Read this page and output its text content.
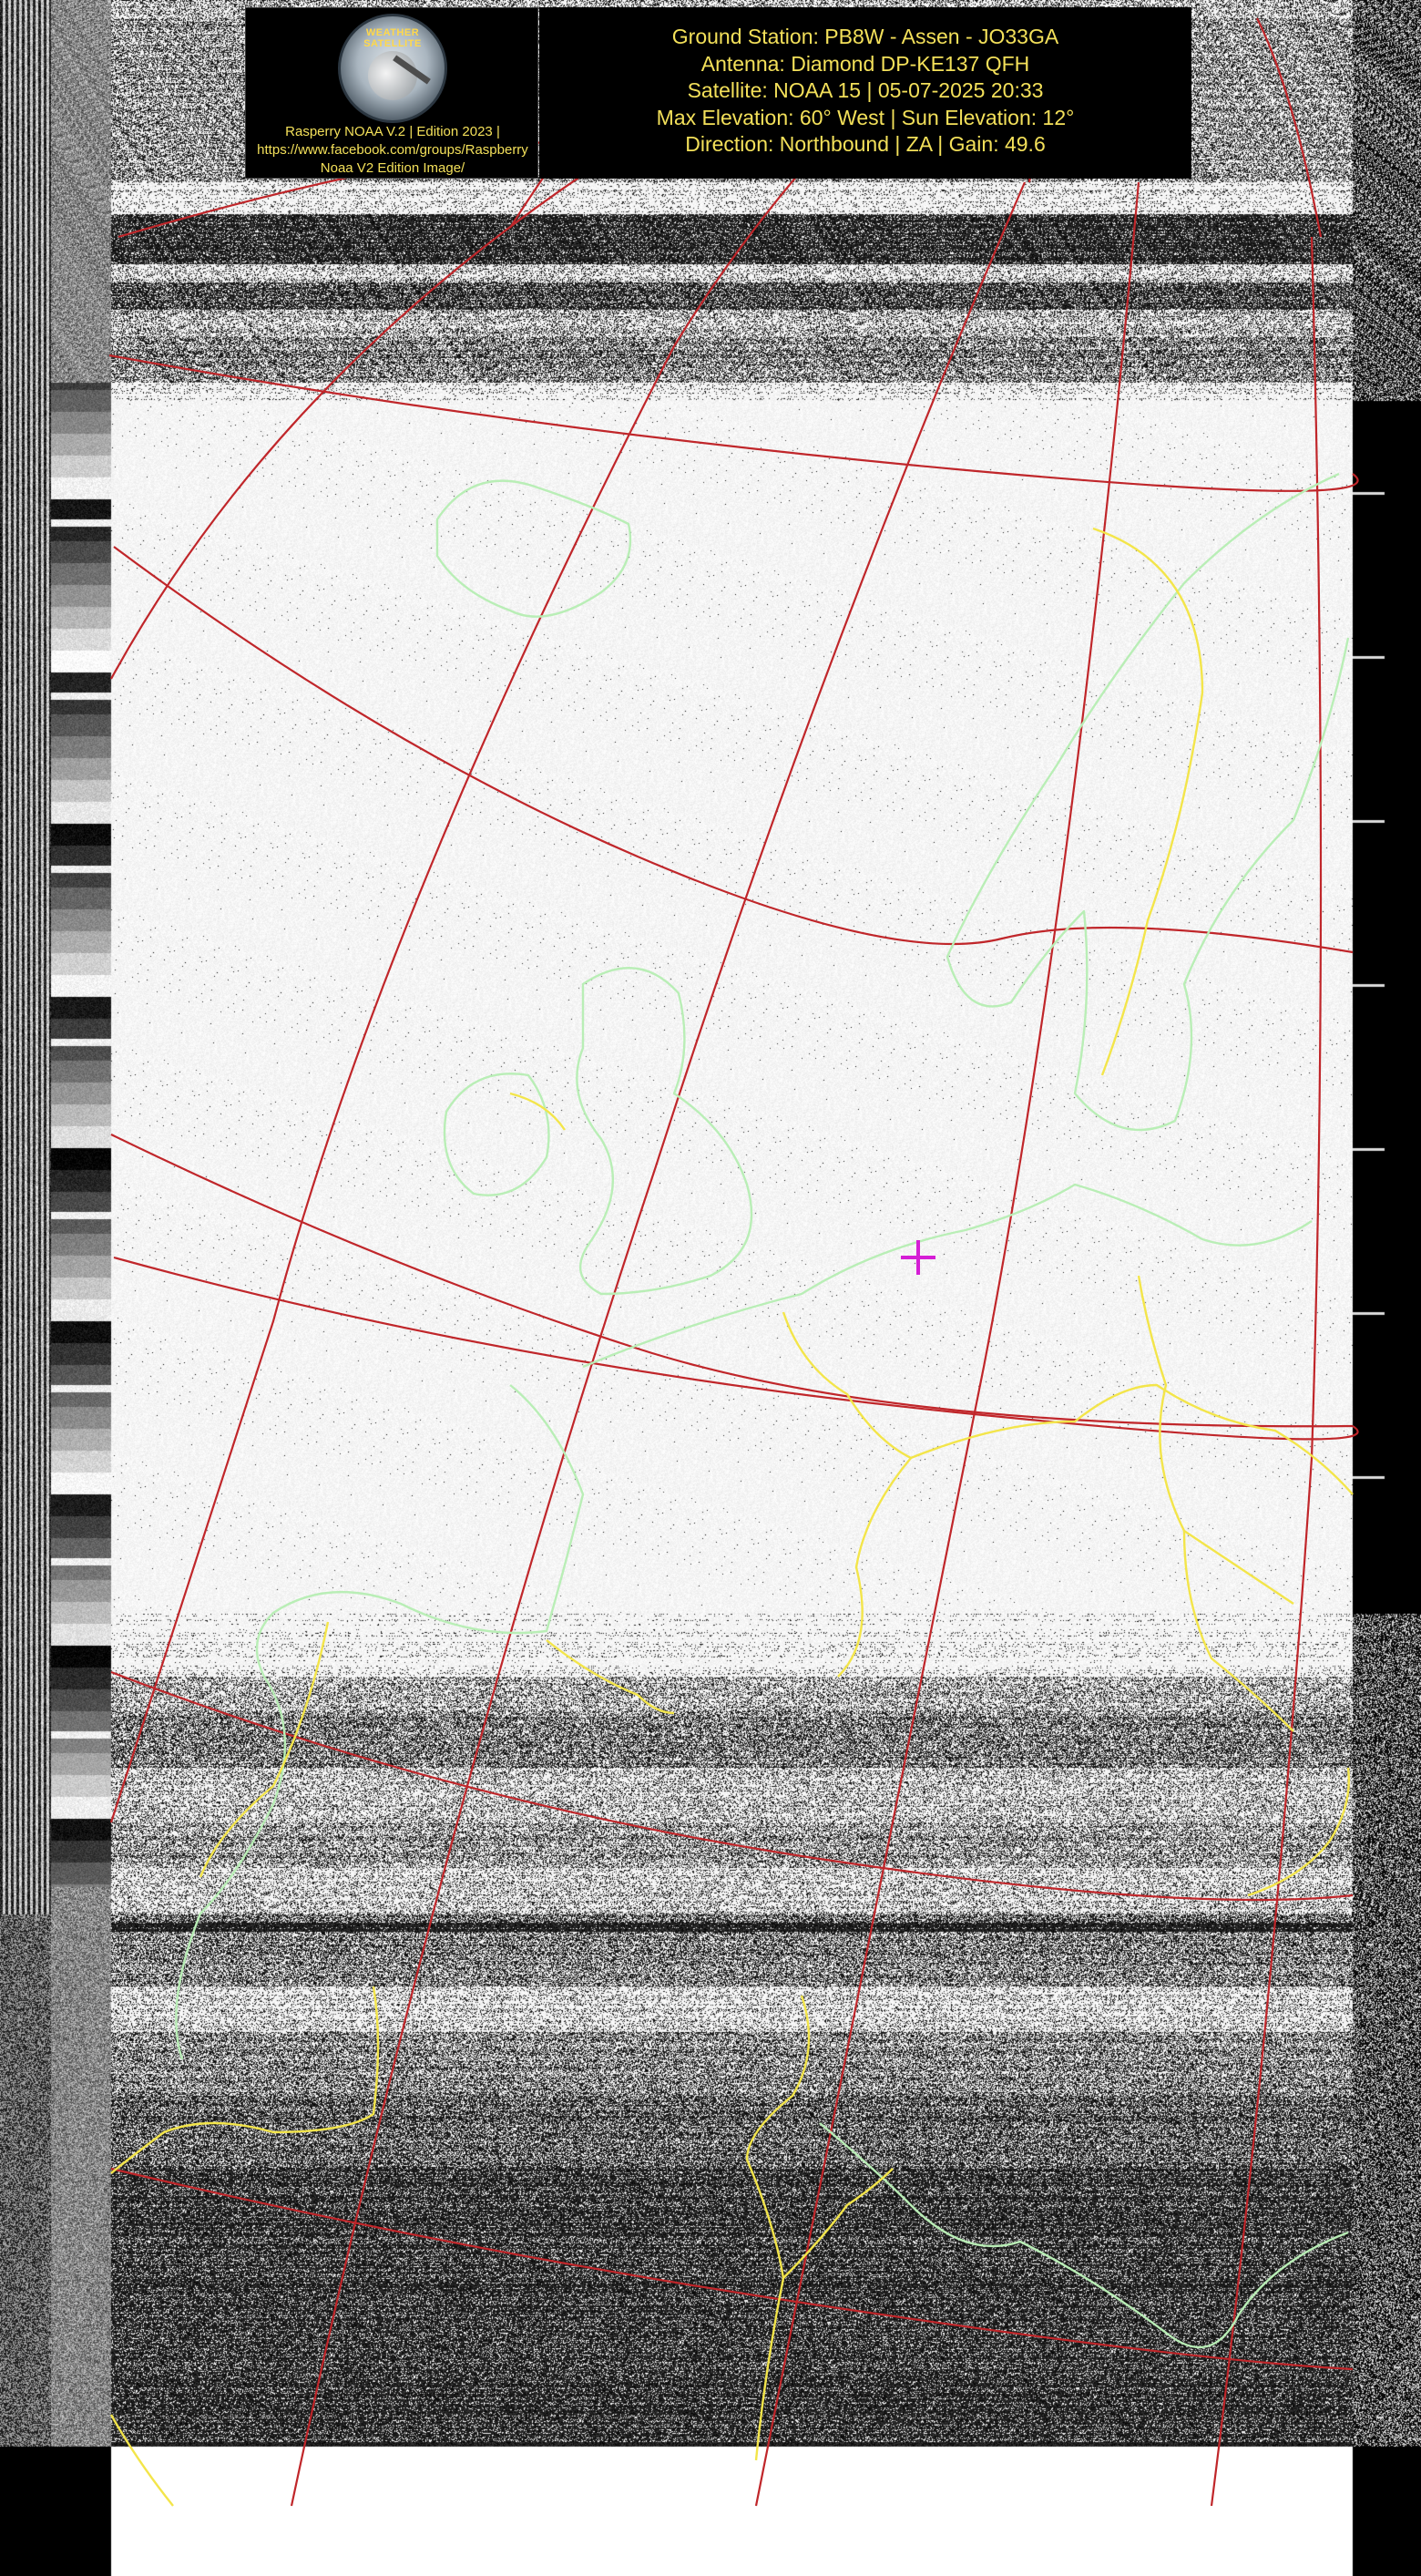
WEATHER SATELLITE
Rasperry NOAA V.2 | Edition 2023 |
https://www.facebook.com/groups/Raspberry
Noaa V2 Edition Image/
Ground Station: PB8W - Assen - JO33GA
Antenna: Diamond DP-KE137 QFH
Satellite: NOAA 15 | 05-07-2025 20:33
Max Elevation: 60° West | Sun Elevation: 12°
Direction: Northbound | ZA | Gain: 49.6
